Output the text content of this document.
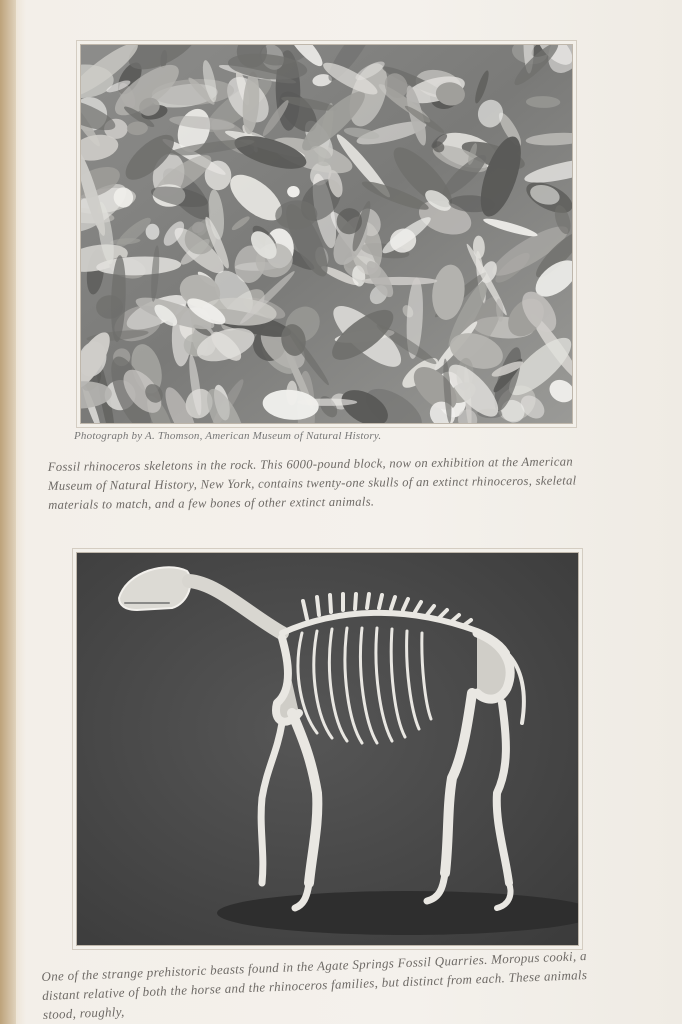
Photograph by A. Thomson, American Museum of Natural History.
Fossil rhinoceros skeletons in the rock. This 6000-pound block, now on exhibition at the American Museum of Natural History, New York, contains twenty-one skulls of an extinct rhinoceros, skeletal materials to match, and a few bones of other extinct animals.
One of the strange prehistoric beasts found in the Agate Springs Fossil Quarries. Moropus cooki, a distant relative of both the horse and the rhinoceros families, but distinct from each. These animals stood, roughly,
